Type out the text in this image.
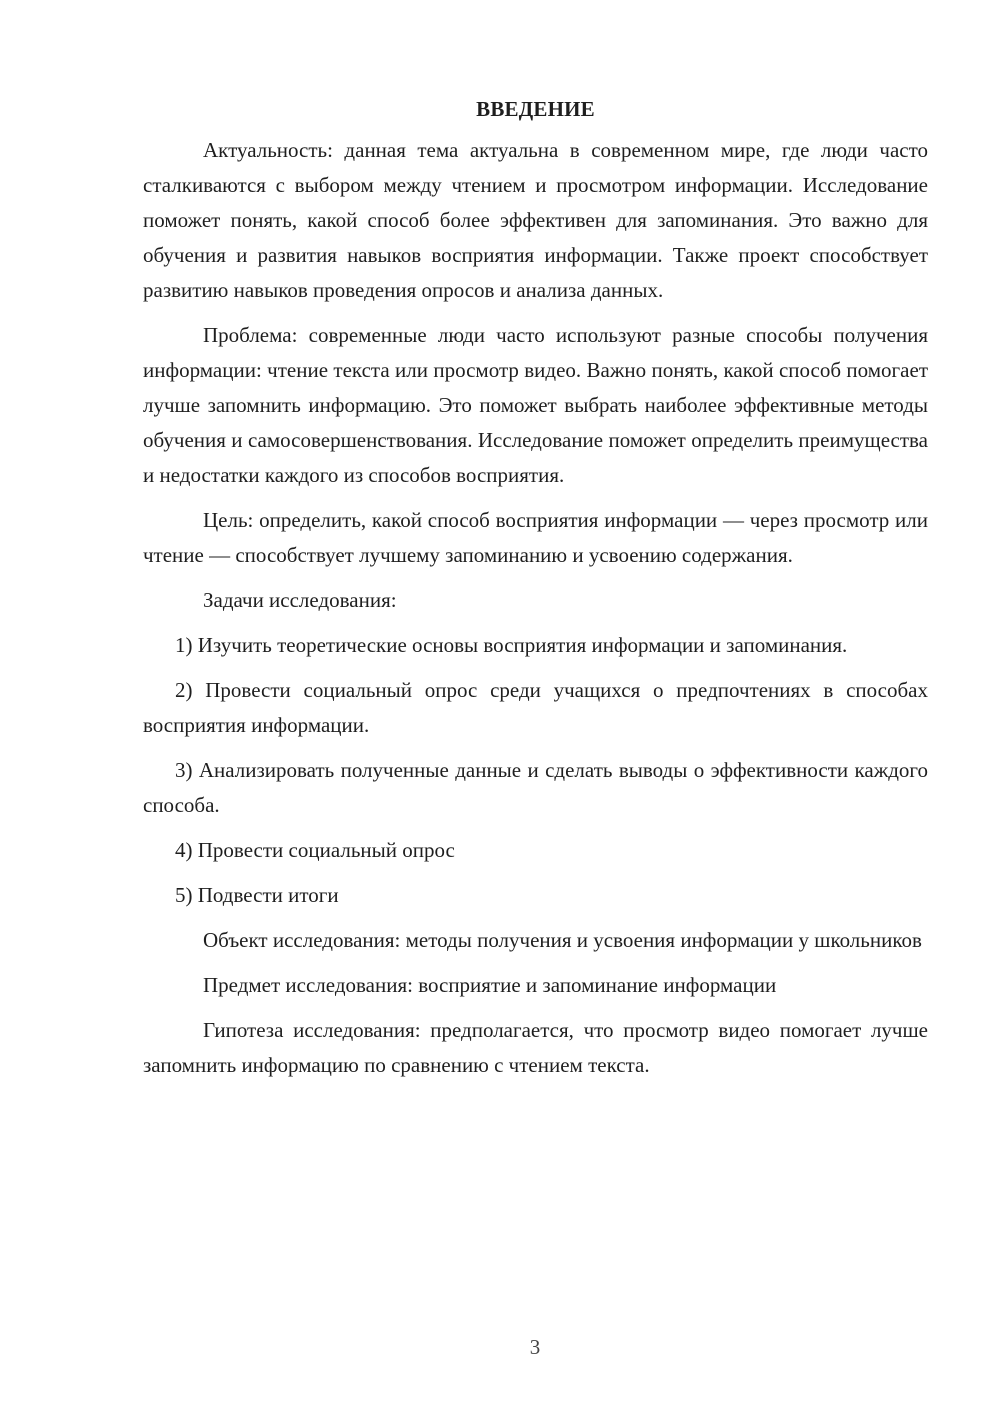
ВВЕДЕНИЕ

Актуальность: данная тема актуальна в современном мире, где люди часто сталкиваются с выбором между чтением и просмотром информации. Исследование поможет понять, какой способ более эффективен для запоминания. Это важно для обучения и развития навыков восприятия информации. Также проект способствует развитию навыков проведения опросов и анализа данных.

Проблема: современные люди часто используют разные способы получения информации: чтение текста или просмотр видео. Важно понять, какой способ помогает лучше запомнить информацию. Это поможет выбрать наиболее эффективные методы обучения и самосовершенствования. Исследование поможет определить преимущества и недостатки каждого из способов восприятия.

Цель: определить, какой способ восприятия информации — через просмотр или чтение — способствует лучшему запоминанию и усвоению содержания.

Задачи исследования:

1) Изучить теоретические основы восприятия информации и запоминания.

2) Провести социальный опрос среди учащихся о предпочтениях в способах восприятия информации.

3) Анализировать полученные данные и сделать выводы о эффективности каждого способа.

4) Провести социальный опрос

5) Подвести итоги

Объект исследования: методы получения и усвоения информации у школьников

Предмет исследования: восприятие и запоминание информации

Гипотеза исследования: предполагается, что просмотр видео помогает лучше запомнить информацию по сравнению с чтением текста.

3
